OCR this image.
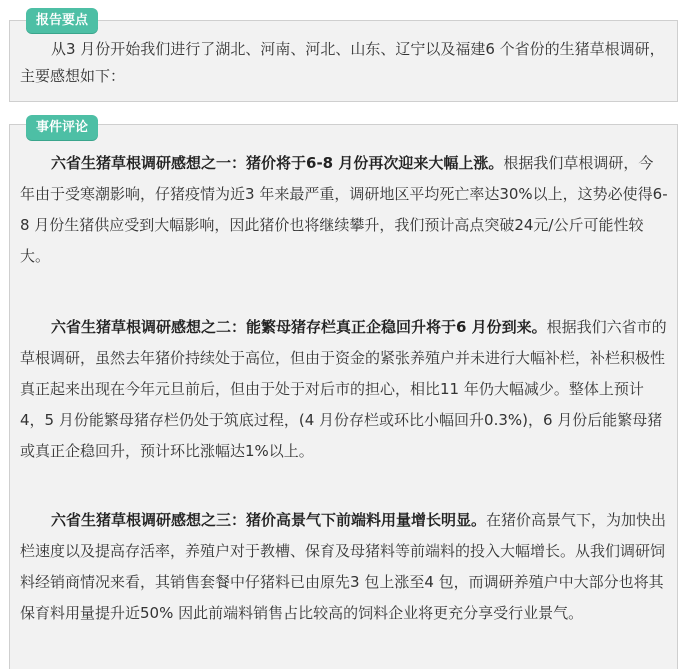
报告要点

从3 月份开始我们进行了湖北、河南、河北、山东、辽宁以及福建6 个省份的生猪草根调研，主要感想如下：

事件评论

六省生猪草根调研感想之一：猪价将于6-8 月份再次迎来大幅上涨。根据我们草根调研，今年由于受寒潮影响，仔猪疫情为近3 年来最严重，调研地区平均死亡率达30%以上，这势必使得6-8 月份生猪供应受到大幅影响，因此猪价也将继续攀升，我们预计高点突破24元/公斤可能性较大。

六省生猪草根调研感想之二：能繁母猪存栏真正企稳回升将于6 月份到来。根据我们六省市的草根调研，虽然去年猪价持续处于高位，但由于资金的紧张养殖户并未进行大幅补栏，补栏积极性真正起来出现在今年元旦前后，但由于处于对后市的担心，相比11 年仍大幅减少。整体上预计4，5 月份能繁母猪存栏仍处于筑底过程，(4 月份存栏或环比小幅回升0.3%)，6 月份后能繁母猪或真正企稳回升，预计环比涨幅达1%以上。

六省生猪草根调研感想之三：猪价高景气下前端料用量增长明显。在猪价高景气下，为加快出栏速度以及提高存活率，养殖户对于教槽、保育及母猪料等前端料的投入大幅增长。从我们调研饲料经销商情况来看，其销售套餐中仔猪料已由原先3 包上涨至4 包，而调研养殖户中大部分也将其保育料用量提升近50% 因此前端料销售占比较高的饲料企业将更充分享受行业景气。
